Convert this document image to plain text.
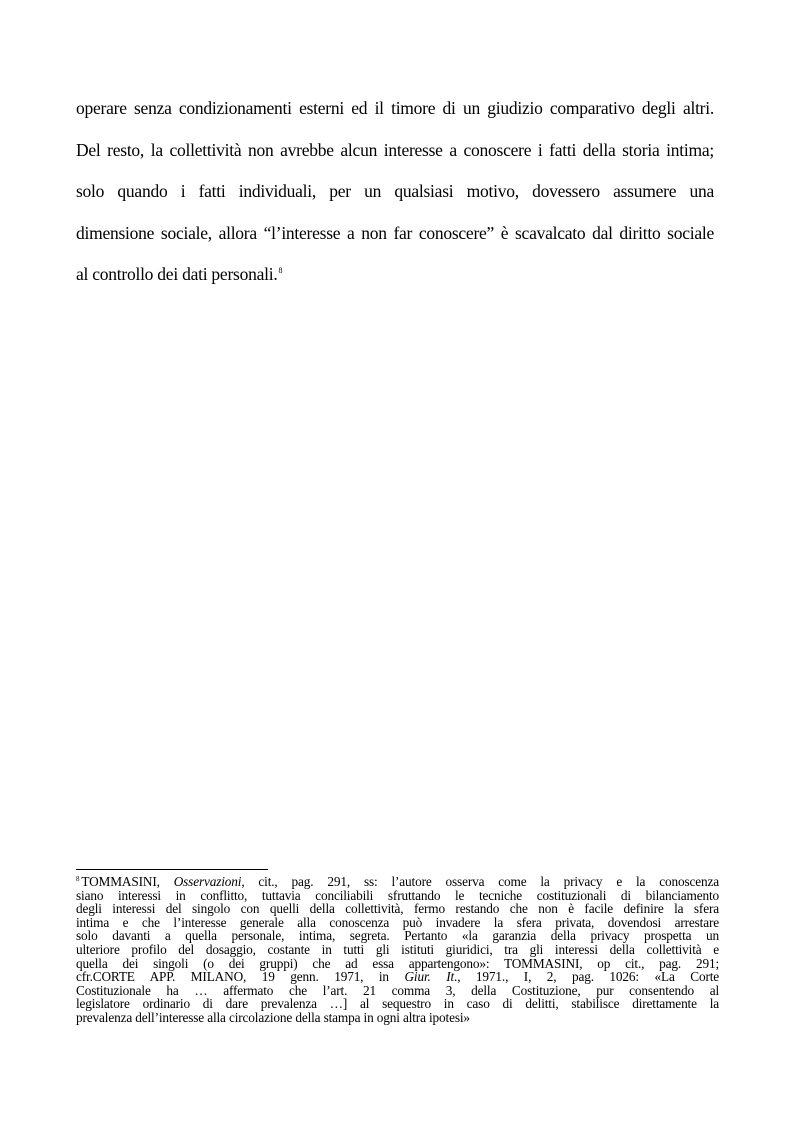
operare senza condizionamenti esterni ed il timore di un giudizio comparativo degli altri.
Del resto, la collettività non avrebbe alcun interesse a conoscere i fatti della storia intima;
solo quando i fatti individuali, per un qualsiasi motivo, dovessero assumere una
dimensione sociale, allora “l’interesse a non far conoscere” è scavalcato dal diritto sociale
al controllo dei dati personali.$^8$
$^8$ TOMMASINI, Osservazioni, cit., pag. 291, ss: l’autore osserva come la privacy e la conoscenza
siano interessi in conflitto, tuttavia conciliabili sfruttando le tecniche costituzionali di bilanciamento
degli interessi del singolo con quelli della collettività, fermo restando che non è facile definire la sfera
intima e che l’interesse generale alla conoscenza può invadere la sfera privata, dovendosi arrestare
solo davanti a quella personale, intima, segreta. Pertanto «la garanzia della privacy prospetta un
ulteriore profilo del dosaggio, costante in tutti gli istituti giuridici, tra gli interessi della collettività e
quella dei singoli (o dei gruppi) che ad essa appartengono»: TOMMASINI, op cit., pag. 291;
cfr.CORTE APP. MILANO, 19 genn. 1971, in Giur. It., 1971., I, 2, pag. 1026: «La Corte
Costituzionale ha … affermato che l’art. 21 comma 3, della Costituzione, pur consentendo al
legislatore ordinario di dare prevalenza …] al sequestro in caso di delitti, stabilisce direttamente la
prevalenza dell’interesse alla circolazione della stampa in ogni altra ipotesi»
